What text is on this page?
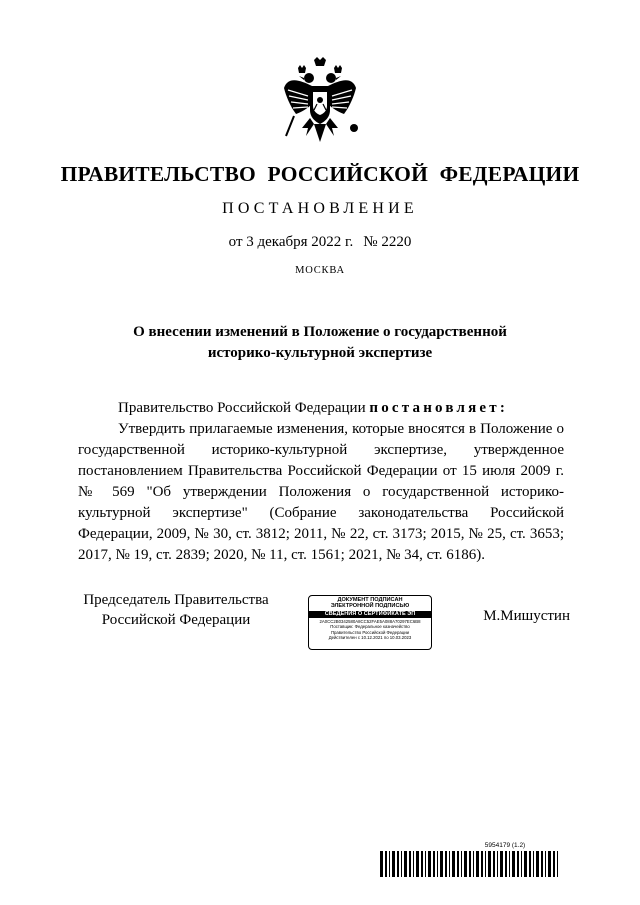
ПРАВИТЕЛЬСТВО РОССИЙСКОЙ ФЕДЕРАЦИИ
ПОСТАНОВЛЕНИЕ
от 3 декабря 2022 г. № 2220
МОСКВА
О внесении изменений в Положение о государственной
историко-культурной экспертизе

Правительство Российской Федерации постановляет:

Утвердить прилагаемые изменения, которые вносятся в Положение о государственной историко-культурной экспертизе, утвержденное постановлением Правительства Российской Федерации от 15 июля 2009 г. № 569 "Об утверждении Положения о государственной историко-культурной экспертизе" (Собрание законодательства Российской Федерации, 2009, № 30, ст. 3812; 2011, № 22, ст. 3173; 2015, № 25, ст. 3653; 2017, № 19, ст. 2839; 2020, № 11, ст. 1561; 2021, № 34, ст. 6186).

Председатель Правительства
Российской Федерации
ДОКУМЕНТ ПОДПИСАН
ЭЛЕКТРОННОЙ ПОДПИСЬЮ
СВЕДЕНИЯ О СЕРТИФИКАТЕ ЭП
2A0CC2B0342580A8CC52FAE5A088A70297EC6B8
Поставщик: Федеральное казначейство
Правительство Российской Федерации
Действителен с 10.12.2021 по 10.03.2023
М.Мишустин
5954179 (1.2)
